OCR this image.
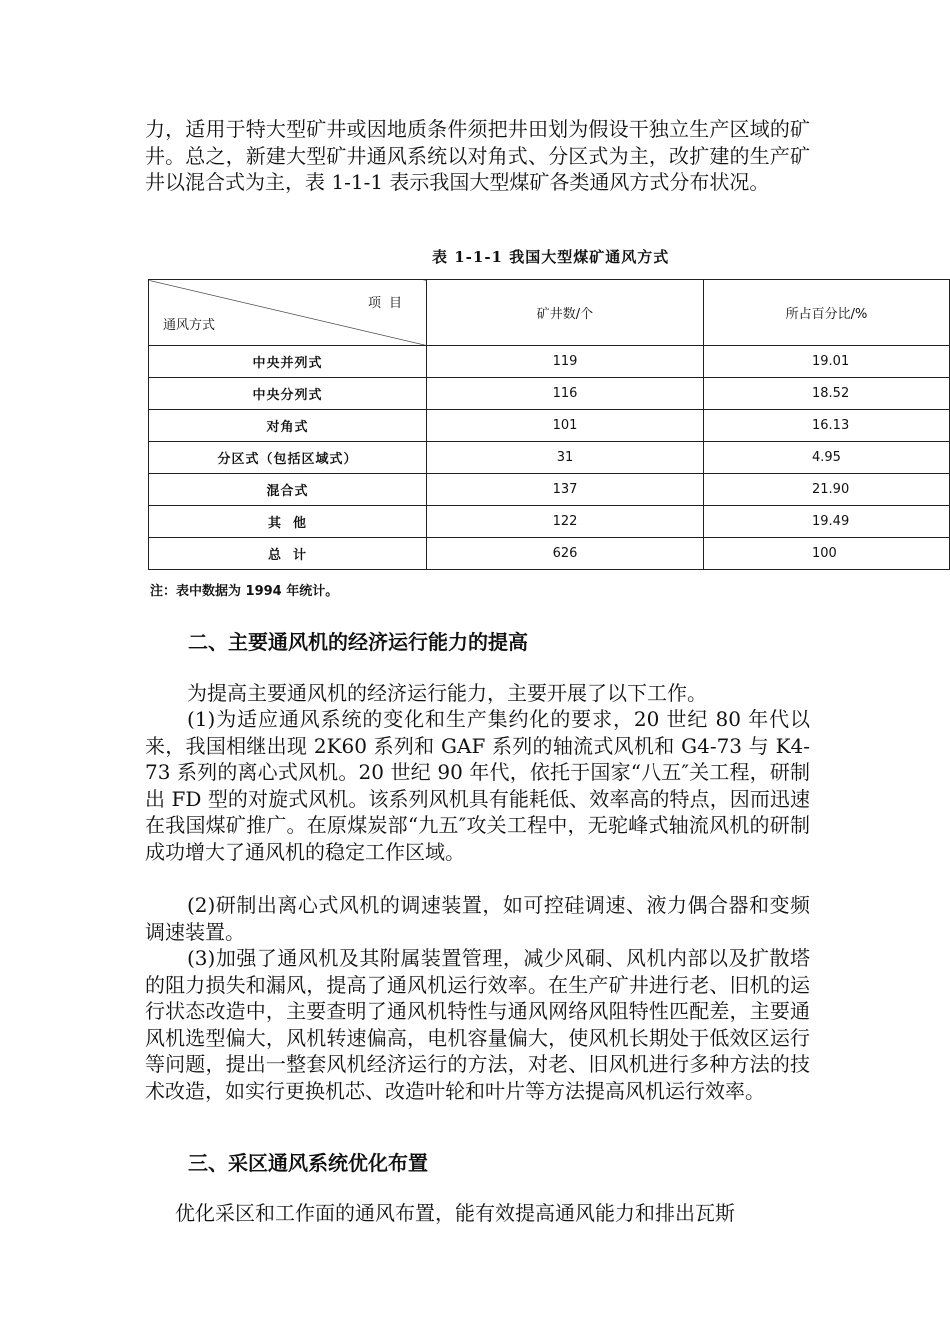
力，适用于特大型矿井或因地质条件须把井田划为假设干独立生产区域的矿井。总之，新建大型矿井通风系统以对角式、分区式为主，改扩建的生产矿井以混合式为主，表 1-1-1 表示我国大型煤矿各类通风方式分布状况。

表 1-1-1 我国大型煤矿通风方式

项目
通风方式	矿井数/个	所占百分比/%
中央并列式	119	19.01
中央分列式	116	18.52
对角式	101	16.13
分区式（包括区域式）	31	4.95
混合式	137	21.90
其  他	122	19.49
总  计	626	100

注：表中数据为 1994 年统计。

二、主要通风机的经济运行能力的提高

为提高主要通风机的经济运行能力，主要开展了以下工作。

(1)为适应通风系统的变化和生产集约化的要求，20 世纪 80 年代以来，我国相继出现 2K60 系列和 GAF 系列的轴流式风机和 G4-73 与 K4-73 系列的离心式风机。20 世纪 90 年代，依托于国家“八五″关工程，研制出 FD 型的对旋式风机。该系列风机具有能耗低、效率高的特点，因而迅速在我国煤矿推广。在原煤炭部“九五″攻关工程中，无驼峰式轴流风机的研制成功增大了通风机的稳定工作区域。

(2)研制出离心式风机的调速装置，如可控硅调速、液力偶合器和变频调速装置。

(3)加强了通风机及其附属装置管理，减少风硐、风机内部以及扩散塔的阻力损失和漏风，提高了通风机运行效率。在生产矿井进行老、旧机的运行状态改造中，主要查明了通风机特性与通风网络风阻特性匹配差，主要通风机选型偏大，风机转速偏高，电机容量偏大，使风机长期处于低效区运行等问题，提出一整套风机经济运行的方法，对老、旧风机进行多种方法的技术改造，如实行更换机芯、改造叶轮和叶片等方法提高风机运行效率。

三、采区通风系统优化布置

优化采区和工作面的通风布置，能有效提高通风能力和排出瓦斯
